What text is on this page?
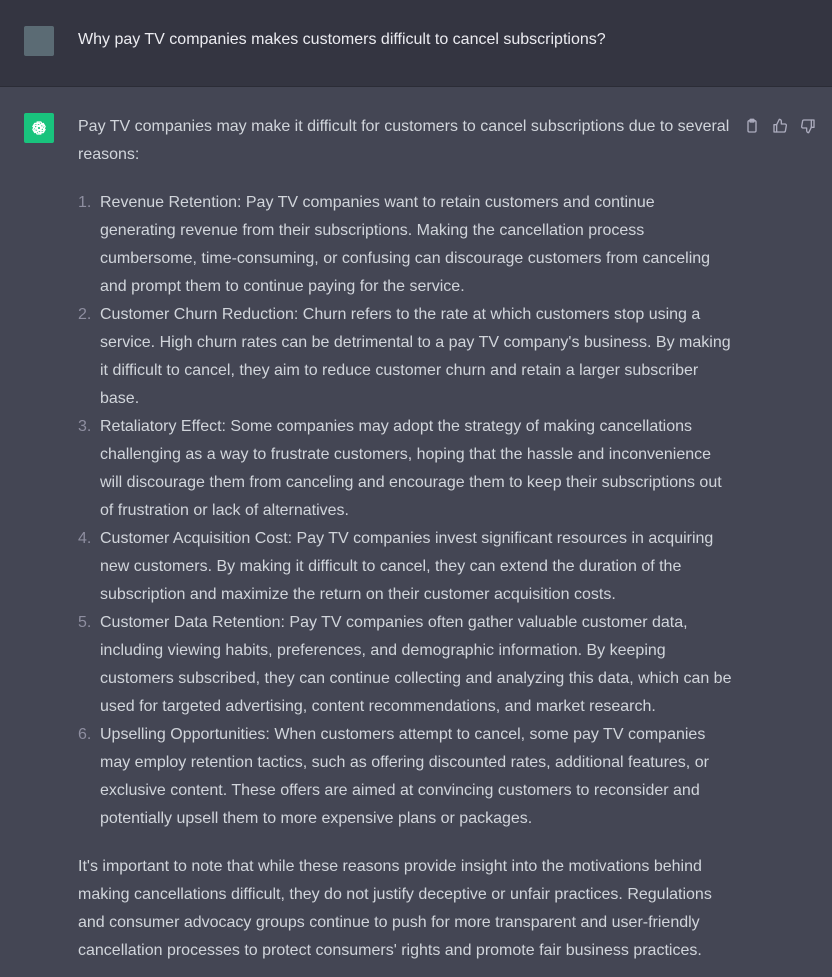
Why pay TV companies makes customers difficult to cancel subscriptions?

Pay TV companies may make it difficult for customers to cancel subscriptions due to several reasons:

Revenue Retention: Pay TV companies want to retain customers and continue generating revenue from their subscriptions. Making the cancellation process cumbersome, time-consuming, or confusing can discourage customers from canceling and prompt them to continue paying for the service.
Customer Churn Reduction: Churn refers to the rate at which customers stop using a service. High churn rates can be detrimental to a pay TV company's business. By making it difficult to cancel, they aim to reduce customer churn and retain a larger subscriber base.
Retaliatory Effect: Some companies may adopt the strategy of making cancellations challenging as a way to frustrate customers, hoping that the hassle and inconvenience will discourage them from canceling and encourage them to keep their subscriptions out of frustration or lack of alternatives.
Customer Acquisition Cost: Pay TV companies invest significant resources in acquiring new customers. By making it difficult to cancel, they can extend the duration of the subscription and maximize the return on their customer acquisition costs.
Customer Data Retention: Pay TV companies often gather valuable customer data, including viewing habits, preferences, and demographic information. By keeping customers subscribed, they can continue collecting and analyzing this data, which can be used for targeted advertising, content recommendations, and market research.
Upselling Opportunities: When customers attempt to cancel, some pay TV companies may employ retention tactics, such as offering discounted rates, additional features, or exclusive content. These offers are aimed at convincing customers to reconsider and potentially upsell them to more expensive plans or packages.

It's important to note that while these reasons provide insight into the motivations behind making cancellations difficult, they do not justify deceptive or unfair practices. Regulations and consumer advocacy groups continue to push for more transparent and user-friendly cancellation processes to protect consumers' rights and promote fair business practices.
